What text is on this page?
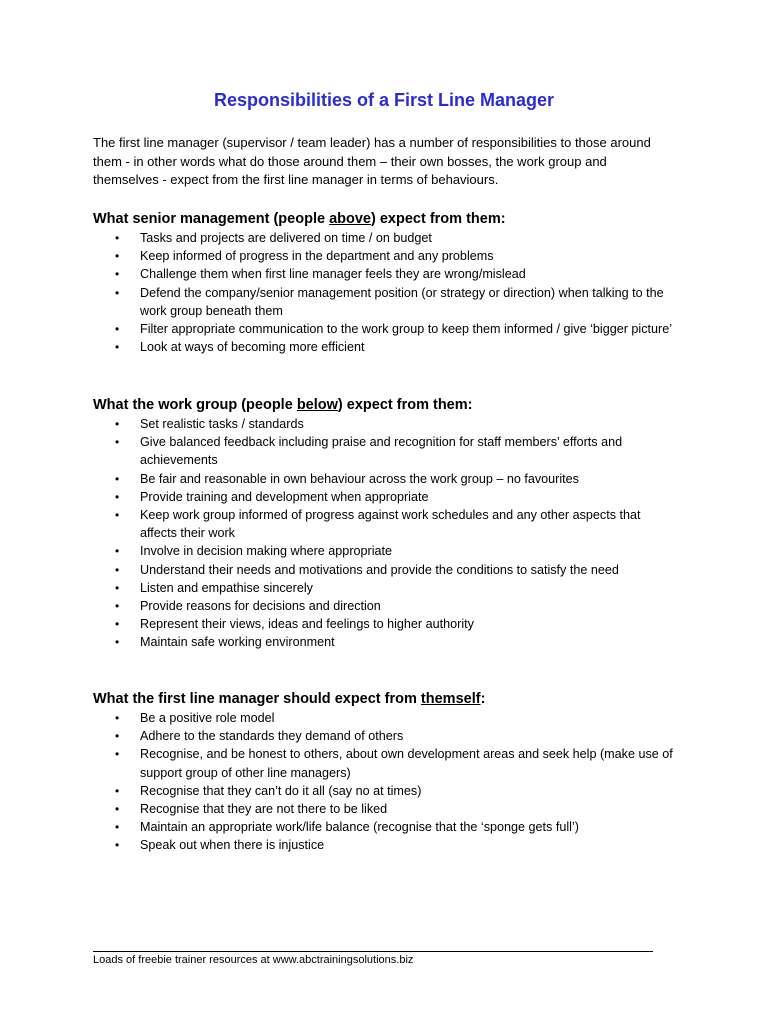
Responsibilities of a First Line Manager
The first line manager (supervisor / team leader) has a number of responsibilities to those around them - in other words what do those around them – their own bosses, the work group and themselves - expect from the first line manager in terms of behaviours.
What senior management (people above) expect from them:
• Tasks and projects are delivered on time / on budget
• Keep informed of progress in the department and any problems
• Challenge them when first line manager feels they are wrong/mislead
• Defend the company/senior management position (or strategy or direction) when talking to the work group beneath them
• Filter appropriate communication to the work group to keep them informed / give ‘bigger picture’
• Look at ways of becoming more efficient
What the work group (people below) expect from them:
• Set realistic tasks / standards
• Give balanced feedback including praise and recognition for staff members’ efforts and achievements
• Be fair and reasonable in own behaviour across the work group – no favourites
• Provide training and development when appropriate
• Keep work group informed of progress against work schedules and any other aspects that affects their work
• Involve in decision making where appropriate
• Understand their needs and motivations and provide the conditions to satisfy the need
• Listen and empathise sincerely
• Provide reasons for decisions and direction
• Represent their views, ideas and feelings to higher authority
• Maintain safe working environment
What the first line manager should expect from themself:
• Be a positive role model
• Adhere to the standards they demand of others
• Recognise, and be honest to others, about own development areas and seek help (make use of support group of other line managers)
• Recognise that they can’t do it all (say no at times)
• Recognise that they are not there to be liked
• Maintain an appropriate work/life balance (recognise that the ‘sponge gets full’)
• Speak out when there is injustice
Loads of freebie trainer resources at www.abctrainingsolutions.biz
